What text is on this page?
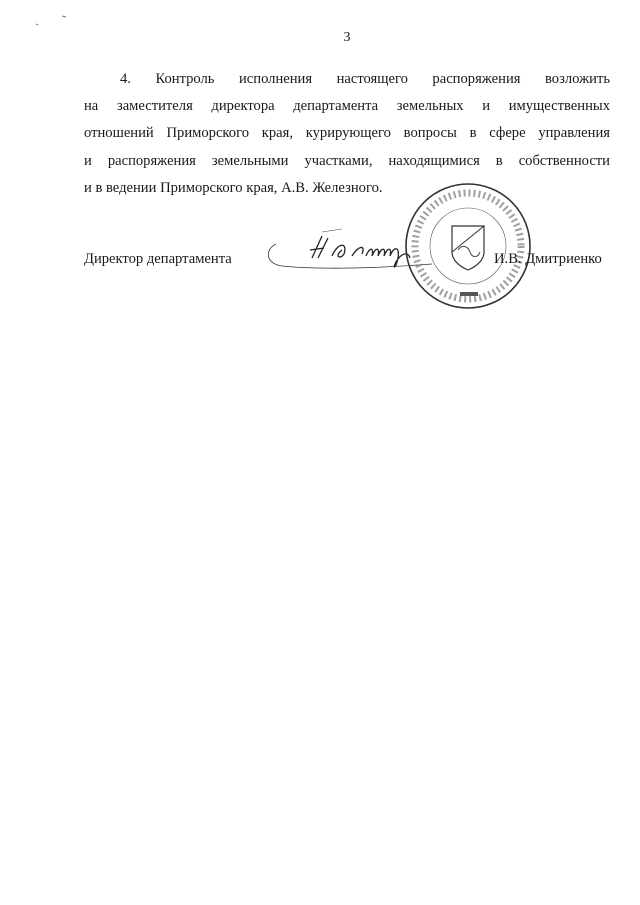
3
4. Контроль исполнения настоящего распоряжения возложить
на заместителя директора департамента земельных и имущественных
отношений Приморского края, курирующего вопросы в сфере управления
и распоряжения земельными участками, находящимися в собственности
и в ведении Приморского края, А.В. Железного.
Директор департамента	И.В. Дмитриенко
